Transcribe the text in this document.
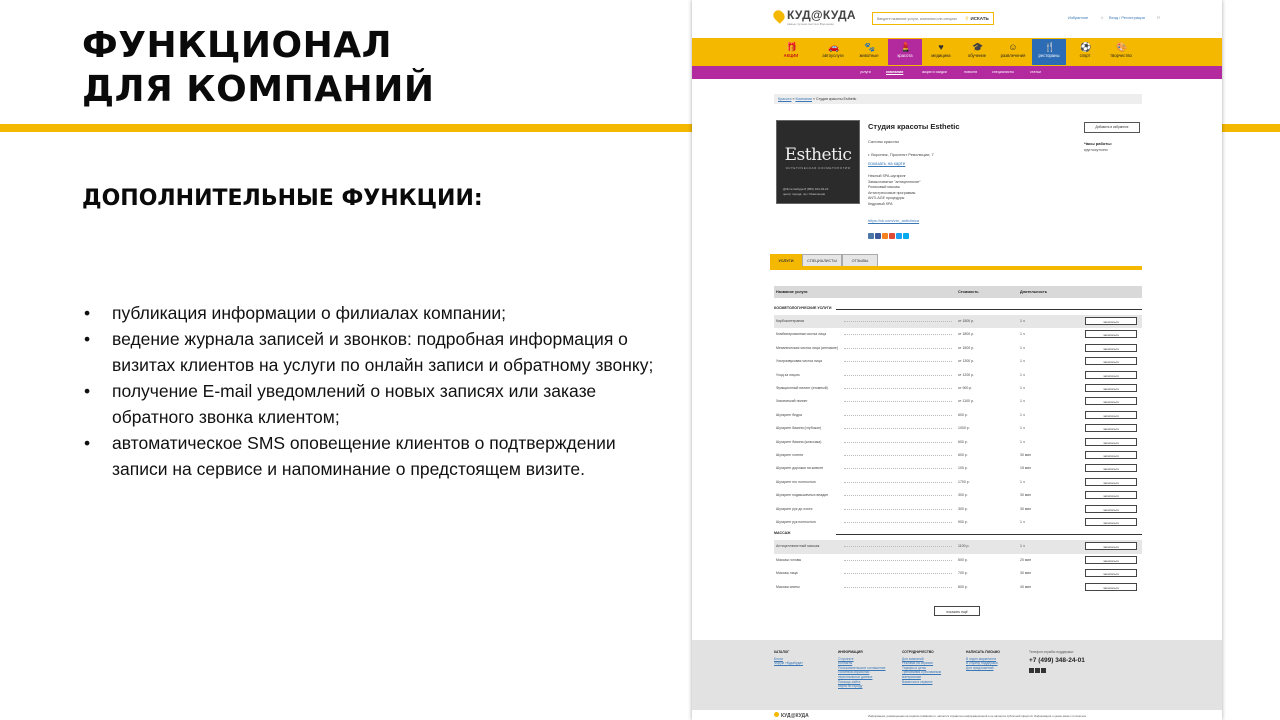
ФУНКЦИОНАЛ
ДЛЯ КОМПАНИЙ
ДОПОЛНИТЕЛЬНЫЕ ФУНКЦИИ:
• публикация информации о филиалах компании;
• ведение журнала записей и звонков: подробная информация о визитах клиентов на услуги по онлайн записи и обратному звонку;
• получение E-mail уведомлений о новых записях или заказе обратного звонка клиентом;
• автоматическое SMS оповещение клиентов о подтверждении записи на сервисе и напоминание о предстоящем визите.
КУД@КУДА
самые лучшие места в Воронеже
Введите название услуги, компании или специалиста
⚲ ИСКАТЬ	Избранное	☆ Вход / Регистрация	⚇
🎁
АКЦИИ
🚗
автоуслуги
🐾
животные
💄
красота
♥
медицина
🎓
обучение
☺
развлечения
🍴
рестораны
⚽
спорт
🎨
творчество
услуги	компании	акции и скидки	новости	специалисты	статьи
Красота » Компании » Студия красоты Esthetic
Esthetic
ЭСТЕТИЧЕСКАЯ КОСМЕТОЛОГИЯ
@ЭстетикКуда 8 (950) 344-03-24
центр города, пр-т Революции
Студия красоты Esthetic
Салоны красоты
г. Воронеж, Проспект Революции, 7
показать на карте
Нежный SPA-шугаринг
Замысловатые "антицеллюлит"
Роликовый массаж
Антистрессовые программы
ANTI-AGE процедуры
Кедровый SPA
https://vk.com/vrn_anticlinica
Добавить в избранное
Часы работы:
круглосуточно
УСЛУГИ	СПЕЦИАЛИСТЫ	ОТЗЫВЫ
Название услуги	Стоимость	Длительность
КОСМЕТОЛОГИЧЕСКИЕ УСЛУГИ
Карбоксетерапия	от 1500 р.	1 ч	записаться
Комбинированная чистка лица	от 1800 р.	1 ч	записаться
Механическая чистка лица (антиакне)	от 1500 р.	1 ч	записаться
Ультразвуковая чистка лица	от 1300 р.	1 ч	записаться
Уход за лицом	от 1200 р.	1 ч	записаться
Фракционный пилинг (атомный)	от 900 р.	1 ч	записаться
Химический пилинг	от 1100 р.	1 ч	записаться
Шугаринг бедра	600 р.	1 ч	записаться
Шугаринг бикини (глубокое)	1000 р.	1 ч	записаться
Шугаринг бикини (классика)	600 р.	1 ч	записаться
Шугаринг голени	600 р.	30 мин	записаться
Шугаринг дорожки на животе	100 р.	15 мин	записаться
Шугаринг ног полностью	1700 р.	1 ч	записаться
Шугаринг подмышечных впадин	300 р.	30 мин	записаться
Шугаринг рук до локтя	300 р.	30 мин	записаться
Шугаринг рук полностью	900 р.	1 ч	записаться
МАССАЖ
Антицеллюлитный массаж	1100 р.	1 ч	записаться
Массаж головы	500 р.	20 мин	записаться
Массаж лица	700 р.	30 мин	записаться
Массаж спины	800 р.	40 мин	записаться
показать ещё
Телефон службы поддержки:
+7 (499) 348-24-01
КАТАЛОГ
Блоги
Форум «КудаКуда»
ИНФОРМАЦИЯ
О проекте
Контакты
Пользовательское соглашение
Политика обработки
персональных данных
Помощь сайта
Карта по городу
СОТРУДНИЧЕСТВО
Для компаний
Реклама на сервисе
Тарифы и цены
Требования к рекламным
материалам
Вакансии в сервисе
НАПИСАТЬ ПИСЬМО
В отдел маркетинга
В службу поддержки
Для предложений
КУД@КУДА	Информация, размещенная на сервисе kudakuda.ru, является справочно-информационной и не является публичной офертой. Информация о ценах может отличаться.
